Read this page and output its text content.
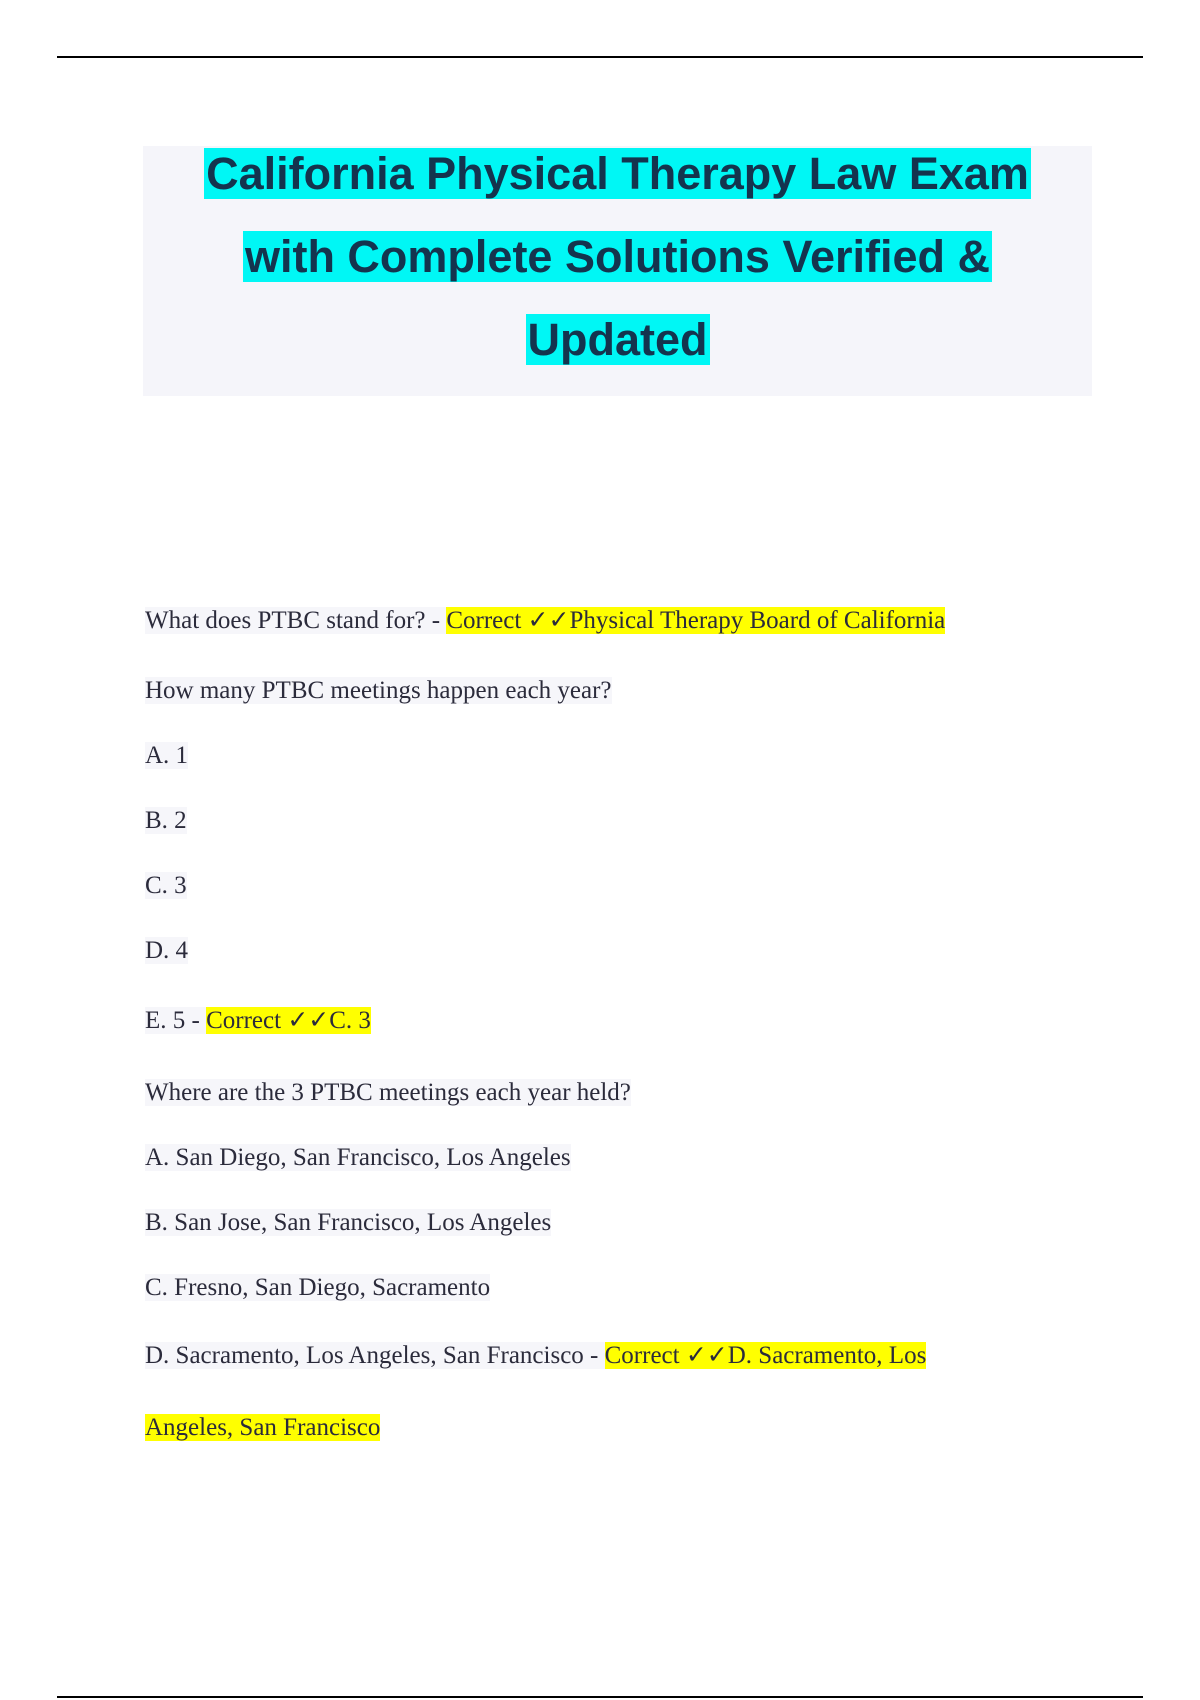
California Physical Therapy Law Exam
with Complete Solutions Verified &
Updated
What does PTBC stand for? - Correct ✓✓Physical Therapy Board of California
How many PTBC meetings happen each year?
A. 1
B. 2
C. 3
D. 4
E. 5 - Correct ✓✓C. 3
Where are the 3 PTBC meetings each year held?
A. San Diego, San Francisco, Los Angeles
B. San Jose, San Francisco, Los Angeles
C. Fresno, San Diego, Sacramento
D. Sacramento, Los Angeles, San Francisco - Correct ✓✓D. Sacramento, Los
Angeles, San Francisco
